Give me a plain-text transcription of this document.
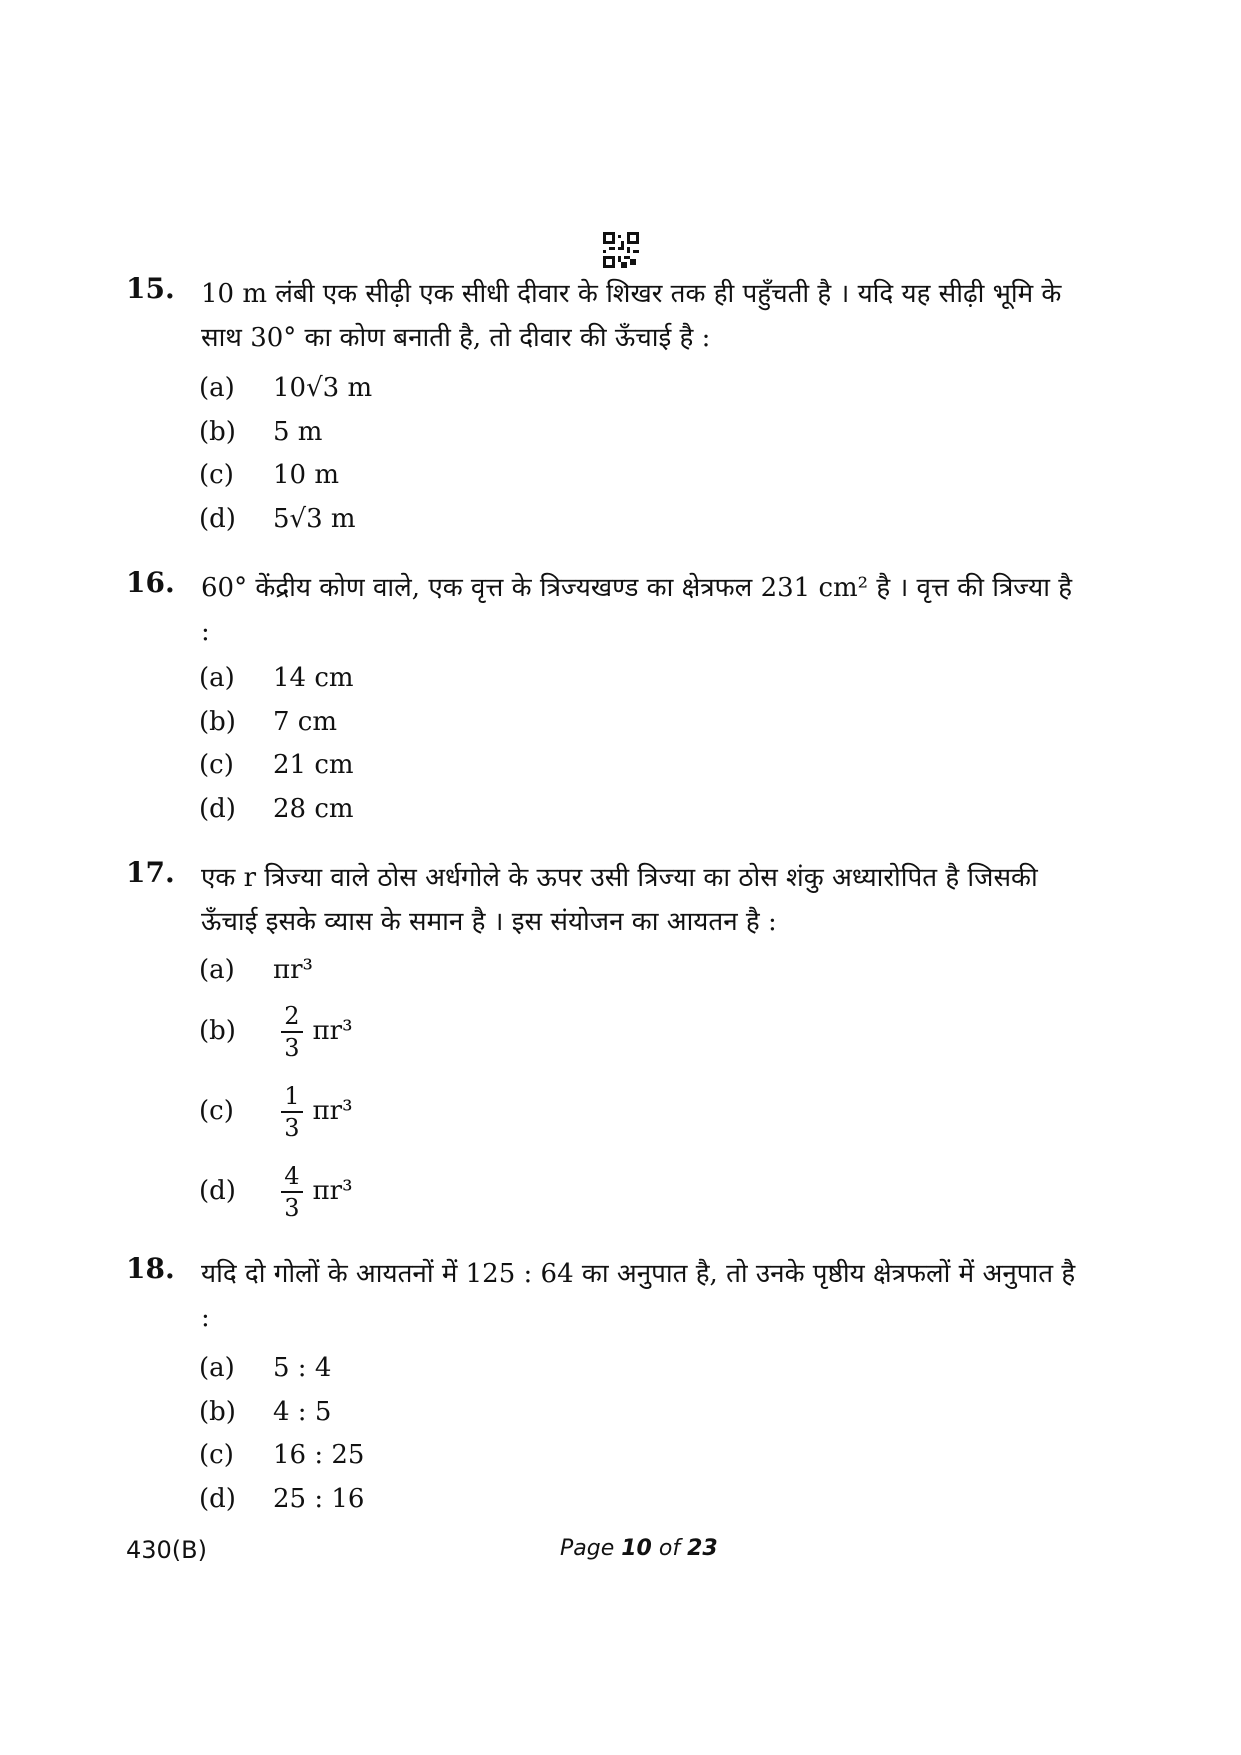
15. 10 m लंबी एक सीढ़ी एक सीधी दीवार के शिखर तक ही पहुँचती है । यदि यह सीढ़ी भूमि के साथ 30° का कोण बनाती है, तो दीवार की ऊँचाई है :
(a) 10√3 m
(b) 5 m
(c) 10 m
(d) 5√3 m
16. 60° केंद्रीय कोण वाले, एक वृत्त के त्रिज्यखण्ड का क्षेत्रफल 231 cm² है । वृत्त की त्रिज्या है :
(a) 14 cm
(b) 7 cm
(c) 21 cm
(d) 28 cm
17. एक r त्रिज्या वाले ठोस अर्धगोले के ऊपर उसी त्रिज्या का ठोस शंकु अध्यारोपित है जिसकी ऊँचाई इसके व्यास के समान है । इस संयोजन का आयतन है :
(a) πr³
$(b) \frac{2}{3} \pi r^3$
$(c) \frac{1}{3} \pi r^3$
$(d) \frac{4}{3} \pi r^3$
18. यदि दो गोलों के आयतनों में 125 : 64 का अनुपात है, तो उनके पृष्ठीय क्षेत्रफलों में अनुपात है :
(a) 5 : 4
(b) 4 : 5
(c) 16 : 25
(d) 25 : 16
430(B)	Page 10 of 23
